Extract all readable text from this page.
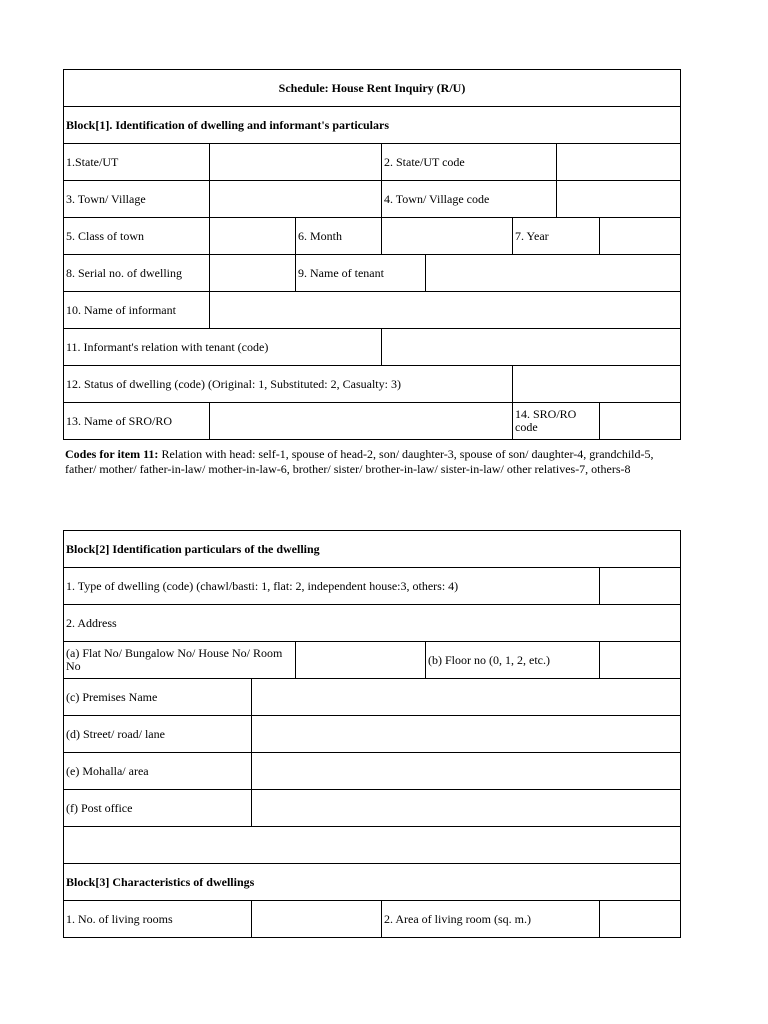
Schedule: House Rent Inquiry (R/U)							
Block[1]. Identification of dwelling and informant's particulars							
1.State/UT			2. State/UT code	
3. Town/ Village			4. Town/ Village code	
5. Class of town		6. Month			7. Year	
8. Serial no. of dwelling		9. Name of tenant	
10. Name of informant	
11. Informant's relation with tenant (code)	
12. Status of dwelling (code) (Original: 1, Substituted: 2, Casualty: 3)	
13. Name of SRO/RO					14. SRO/RO code	
Codes for item 11: Relation with head: self-1, spouse of head-2, son/ daughter-3, spouse of son/ daughter-4, grandchild-5, father/ mother/ father-in-law/ mother-in-law-6, brother/ sister/ brother-in-law/ sister-in-law/ other relatives-7, others-8
Block[2] Identification particulars of the dwelling					
1. Type of dwelling (code) (chawl/basti: 1, flat: 2, independent house:3, others: 4)	
2. Address					
(a) Flat No/ Bungalow No/ House No/ Room No				(b) Floor no (0, 1, 2, etc.)	
(c) Premises Name	
(d) Street/ road/ lane	
(e) Mohalla/ area	
(f) Post office	

Block[3] Characteristics of dwellings					
1. No. of living rooms			2. Area of living room (sq. m.)	
